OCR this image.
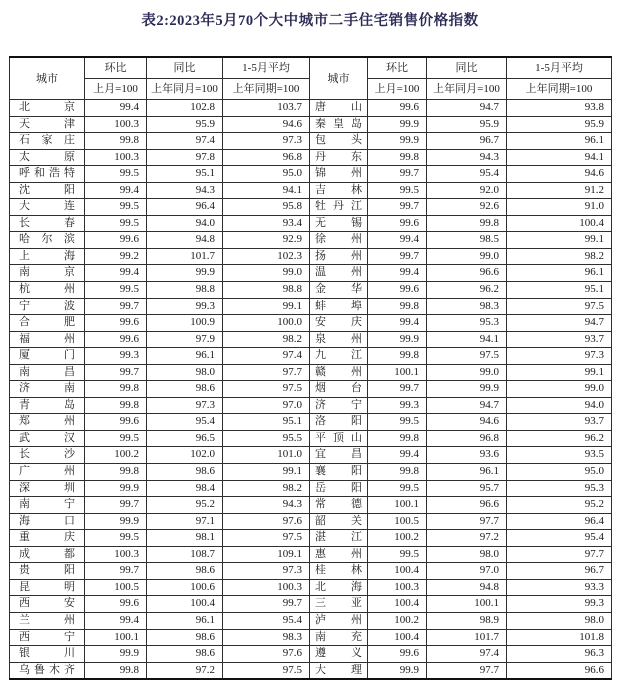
表2:2023年5月70个大中城市二手住宅销售价格指数
城市	环比	同比	1-5月平均	城市	环比	同比	1-5月平均
	上月=100	上年同月=100	上年同期=100		上月=100	上年同月=100	上年同期=100
北京	99.4	102.8	103.7	唐山	99.6	94.7	93.8
天津	100.3	95.9	94.6	秦皇岛	99.9	95.9	95.9
石家庄	99.8	97.4	97.3	包头	99.9	96.7	96.1
太原	100.3	97.8	96.8	丹东	99.8	94.3	94.1
呼和浩特	99.5	95.1	95.0	锦州	99.7	95.4	94.6
沈阳	99.4	94.3	94.1	吉林	99.5	92.0	91.2
大连	99.5	96.4	95.8	牡丹江	99.7	92.6	91.0
长春	99.5	94.0	93.4	无锡	99.6	99.8	100.4
哈尔滨	99.6	94.8	92.9	徐州	99.4	98.5	99.1
上海	99.2	101.7	102.3	扬州	99.7	99.0	98.2
南京	99.4	99.9	99.0	温州	99.4	96.6	96.1
杭州	99.5	98.8	98.8	金华	99.6	96.2	95.1
宁波	99.7	99.3	99.1	蚌埠	99.8	98.3	97.5
合肥	99.6	100.9	100.0	安庆	99.4	95.3	94.7
福州	99.6	97.9	98.2	泉州	99.9	94.1	93.7
厦门	99.3	96.1	97.4	九江	99.8	97.5	97.3
南昌	99.7	98.0	97.7	赣州	100.1	99.0	99.1
济南	99.8	98.6	97.5	烟台	99.7	99.9	99.0
青岛	99.8	97.3	97.0	济宁	99.3	94.7	94.0
郑州	99.6	95.4	95.1	洛阳	99.5	94.6	93.7
武汉	99.5	96.5	95.5	平顶山	99.8	96.8	96.2
长沙	100.2	102.0	101.0	宜昌	99.4	93.6	93.5
广州	99.8	98.6	99.1	襄阳	99.8	96.1	95.0
深圳	99.9	98.4	98.2	岳阳	99.5	95.7	95.3
南宁	99.7	95.2	94.3	常德	100.1	96.6	95.2
海口	99.9	97.1	97.6	韶关	100.5	97.7	96.4
重庆	99.5	98.1	97.5	湛江	100.2	97.2	95.4
成都	100.3	108.7	109.1	惠州	99.5	98.0	97.7
贵阳	99.7	98.6	97.3	桂林	100.4	97.0	96.7
昆明	100.5	100.6	100.3	北海	100.3	94.8	93.3
西安	99.6	100.4	99.7	三亚	100.4	100.1	99.3
兰州	99.4	96.1	95.4	泸州	100.2	98.9	98.0
西宁	100.1	98.6	98.3	南充	100.4	101.7	101.8
银川	99.9	98.6	97.6	遵义	99.6	97.4	96.3
乌鲁木齐	99.8	97.2	97.5	大理	99.9	97.7	96.6
